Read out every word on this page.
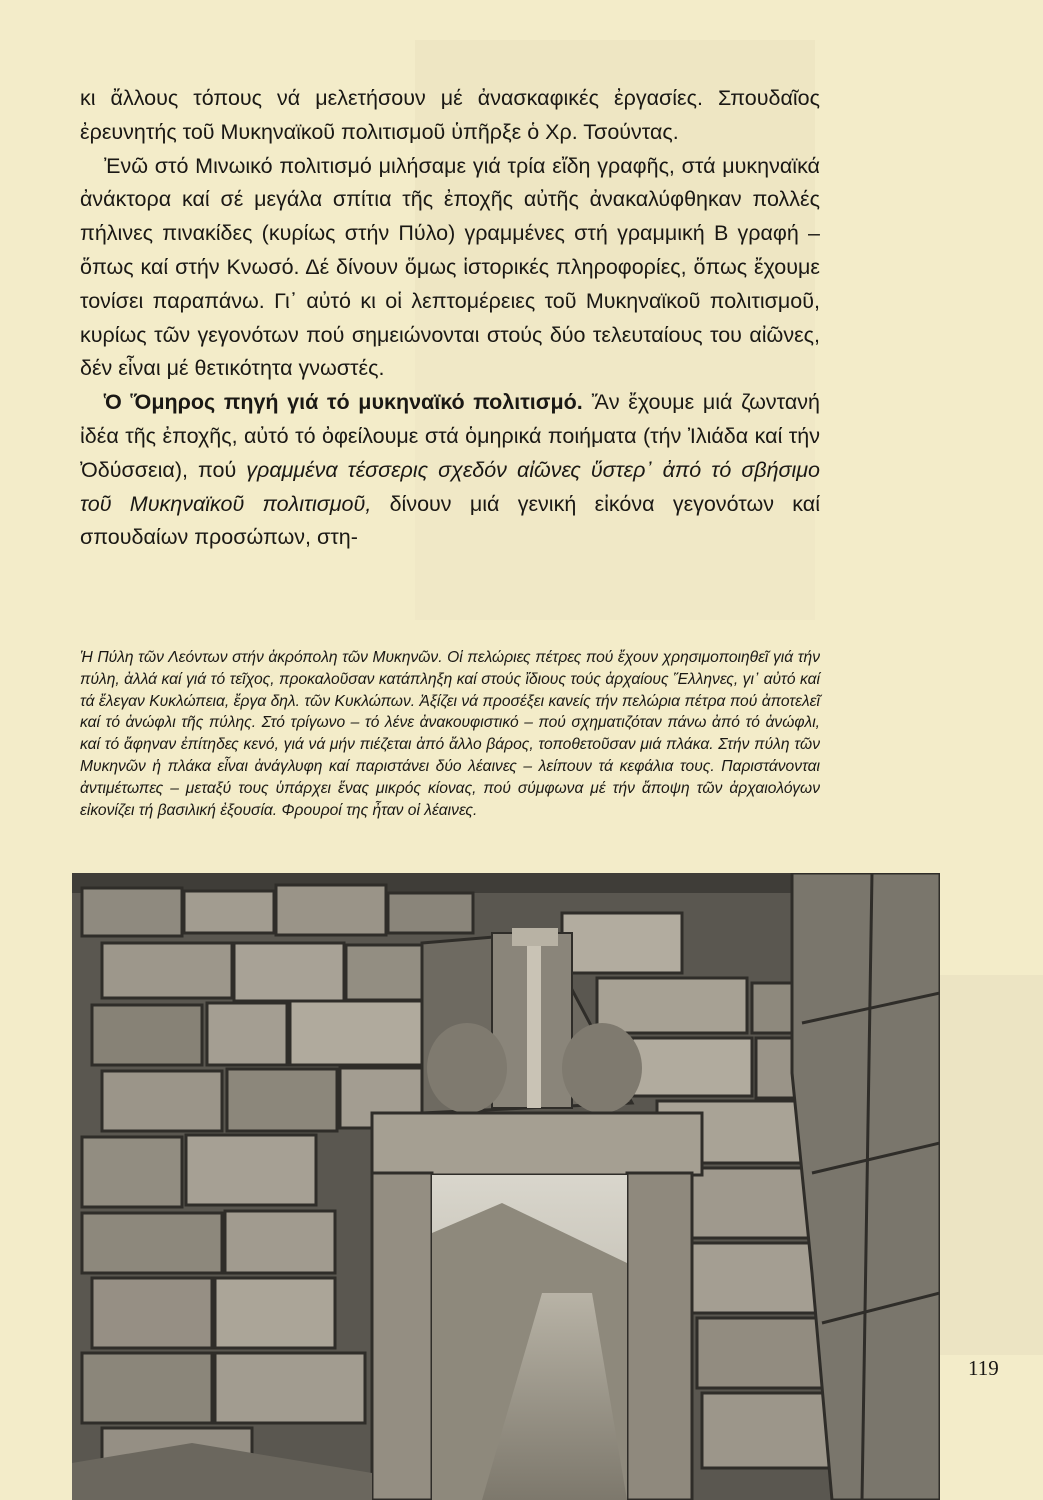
κι ἄλλους τόπους νά μελετήσουν μέ ἀνασκαφικές ἐργασίες. Σπουδαῖος ἐρευνητής τοῦ Μυκηναϊκοῦ πολιτισμοῦ ὑπῆρξε ὁ Χρ. Τσούντας.

Ἐνῶ στό Μινωικό πολιτισμό μιλήσαμε γιά τρία εἴδη γραφῆς, στά μυκηναϊκά ἀνάκτορα καί σέ μεγάλα σπίτια τῆς ἐποχῆς αὐτῆς ἀνακαλύφθηκαν πολλές πήλινες πινακίδες (κυρίως στήν Πύλο) γραμμένες στή γραμμική Β γραφή – ὅπως καί στήν Κνωσό. Δέ δίνουν ὅμως ἱστορικές πληροφορίες, ὅπως ἔχουμε τονίσει παραπάνω. Γι᾽ αὐτό κι οἱ λεπτομέρειες τοῦ Μυκηναϊκοῦ πολιτισμοῦ, κυρίως τῶν γεγονότων πού σημειώνονται στούς δύο τελευταίους του αἰῶνες, δέν εἶναι μέ θετικότητα γνωστές.

Ὁ Ὅμηρος πηγή γιά τό μυκηναϊκό πολιτισμό. Ἄν ἔχουμε μιά ζωντανή ἰδέα τῆς ἐποχῆς, αὐτό τό ὀφείλουμε στά ὁμηρικά ποιήματα (τήν Ἰλιάδα καί τήν Ὀδύσσεια), πού γραμμένα τέσσερις σχεδόν αἰῶνες ὕστερ᾽ ἀπό τό σβήσιμο τοῦ Μυκηναϊκοῦ πολιτισμοῦ, δίνουν μιά γενική εἰκόνα γεγονότων καί σπουδαίων προσώπων, στη-

Ἡ Πύλη τῶν Λεόντων στήν ἀκρόπολη τῶν Μυκηνῶν. Οἱ πελώριες πέτρες πού ἔχουν χρησιμοποιηθεῖ γιά τήν πύλη, ἀλλά καί γιά τό τεῖχος, προκαλοῦσαν κατάπληξη καί στούς ἴδιους τούς ἀρχαίους Ἕλληνες, γι᾽ αὐτό καί τά ἔλεγαν Κυκλώπεια, ἔργα δηλ. τῶν Κυκλώπων. Ἀξίζει νά προσέξει κανείς τήν πελώρια πέτρα πού ἀποτελεῖ καί τό ἀνώφλι τῆς πύλης. Στό τρίγωνο – τό λένε ἀνακουφιστικό – πού σχηματιζόταν πάνω ἀπό τό ἀνώφλι, καί τό ἄφηναν ἐπίτηδες κενό, γιά νά μήν πιέζεται ἀπό ἄλλο βάρος, τοποθετοῦσαν μιά πλάκα. Στήν πύλη τῶν Μυκηνῶν ἡ πλάκα εἶναι ἀνάγλυφη καί παριστάνει δύο λέαινες – λείπουν τά κεφάλια τους. Παριστάνονται ἀντιμέτωπες – μεταξύ τους ὑπάρχει ἕνας μικρός κίονας, πού σύμφωνα μέ τήν ἄποψη τῶν ἀρχαιολόγων εἰκονίζει τή βασιλική ἐξουσία. Φρουροί της ἦταν οἱ λέαινες.

119
